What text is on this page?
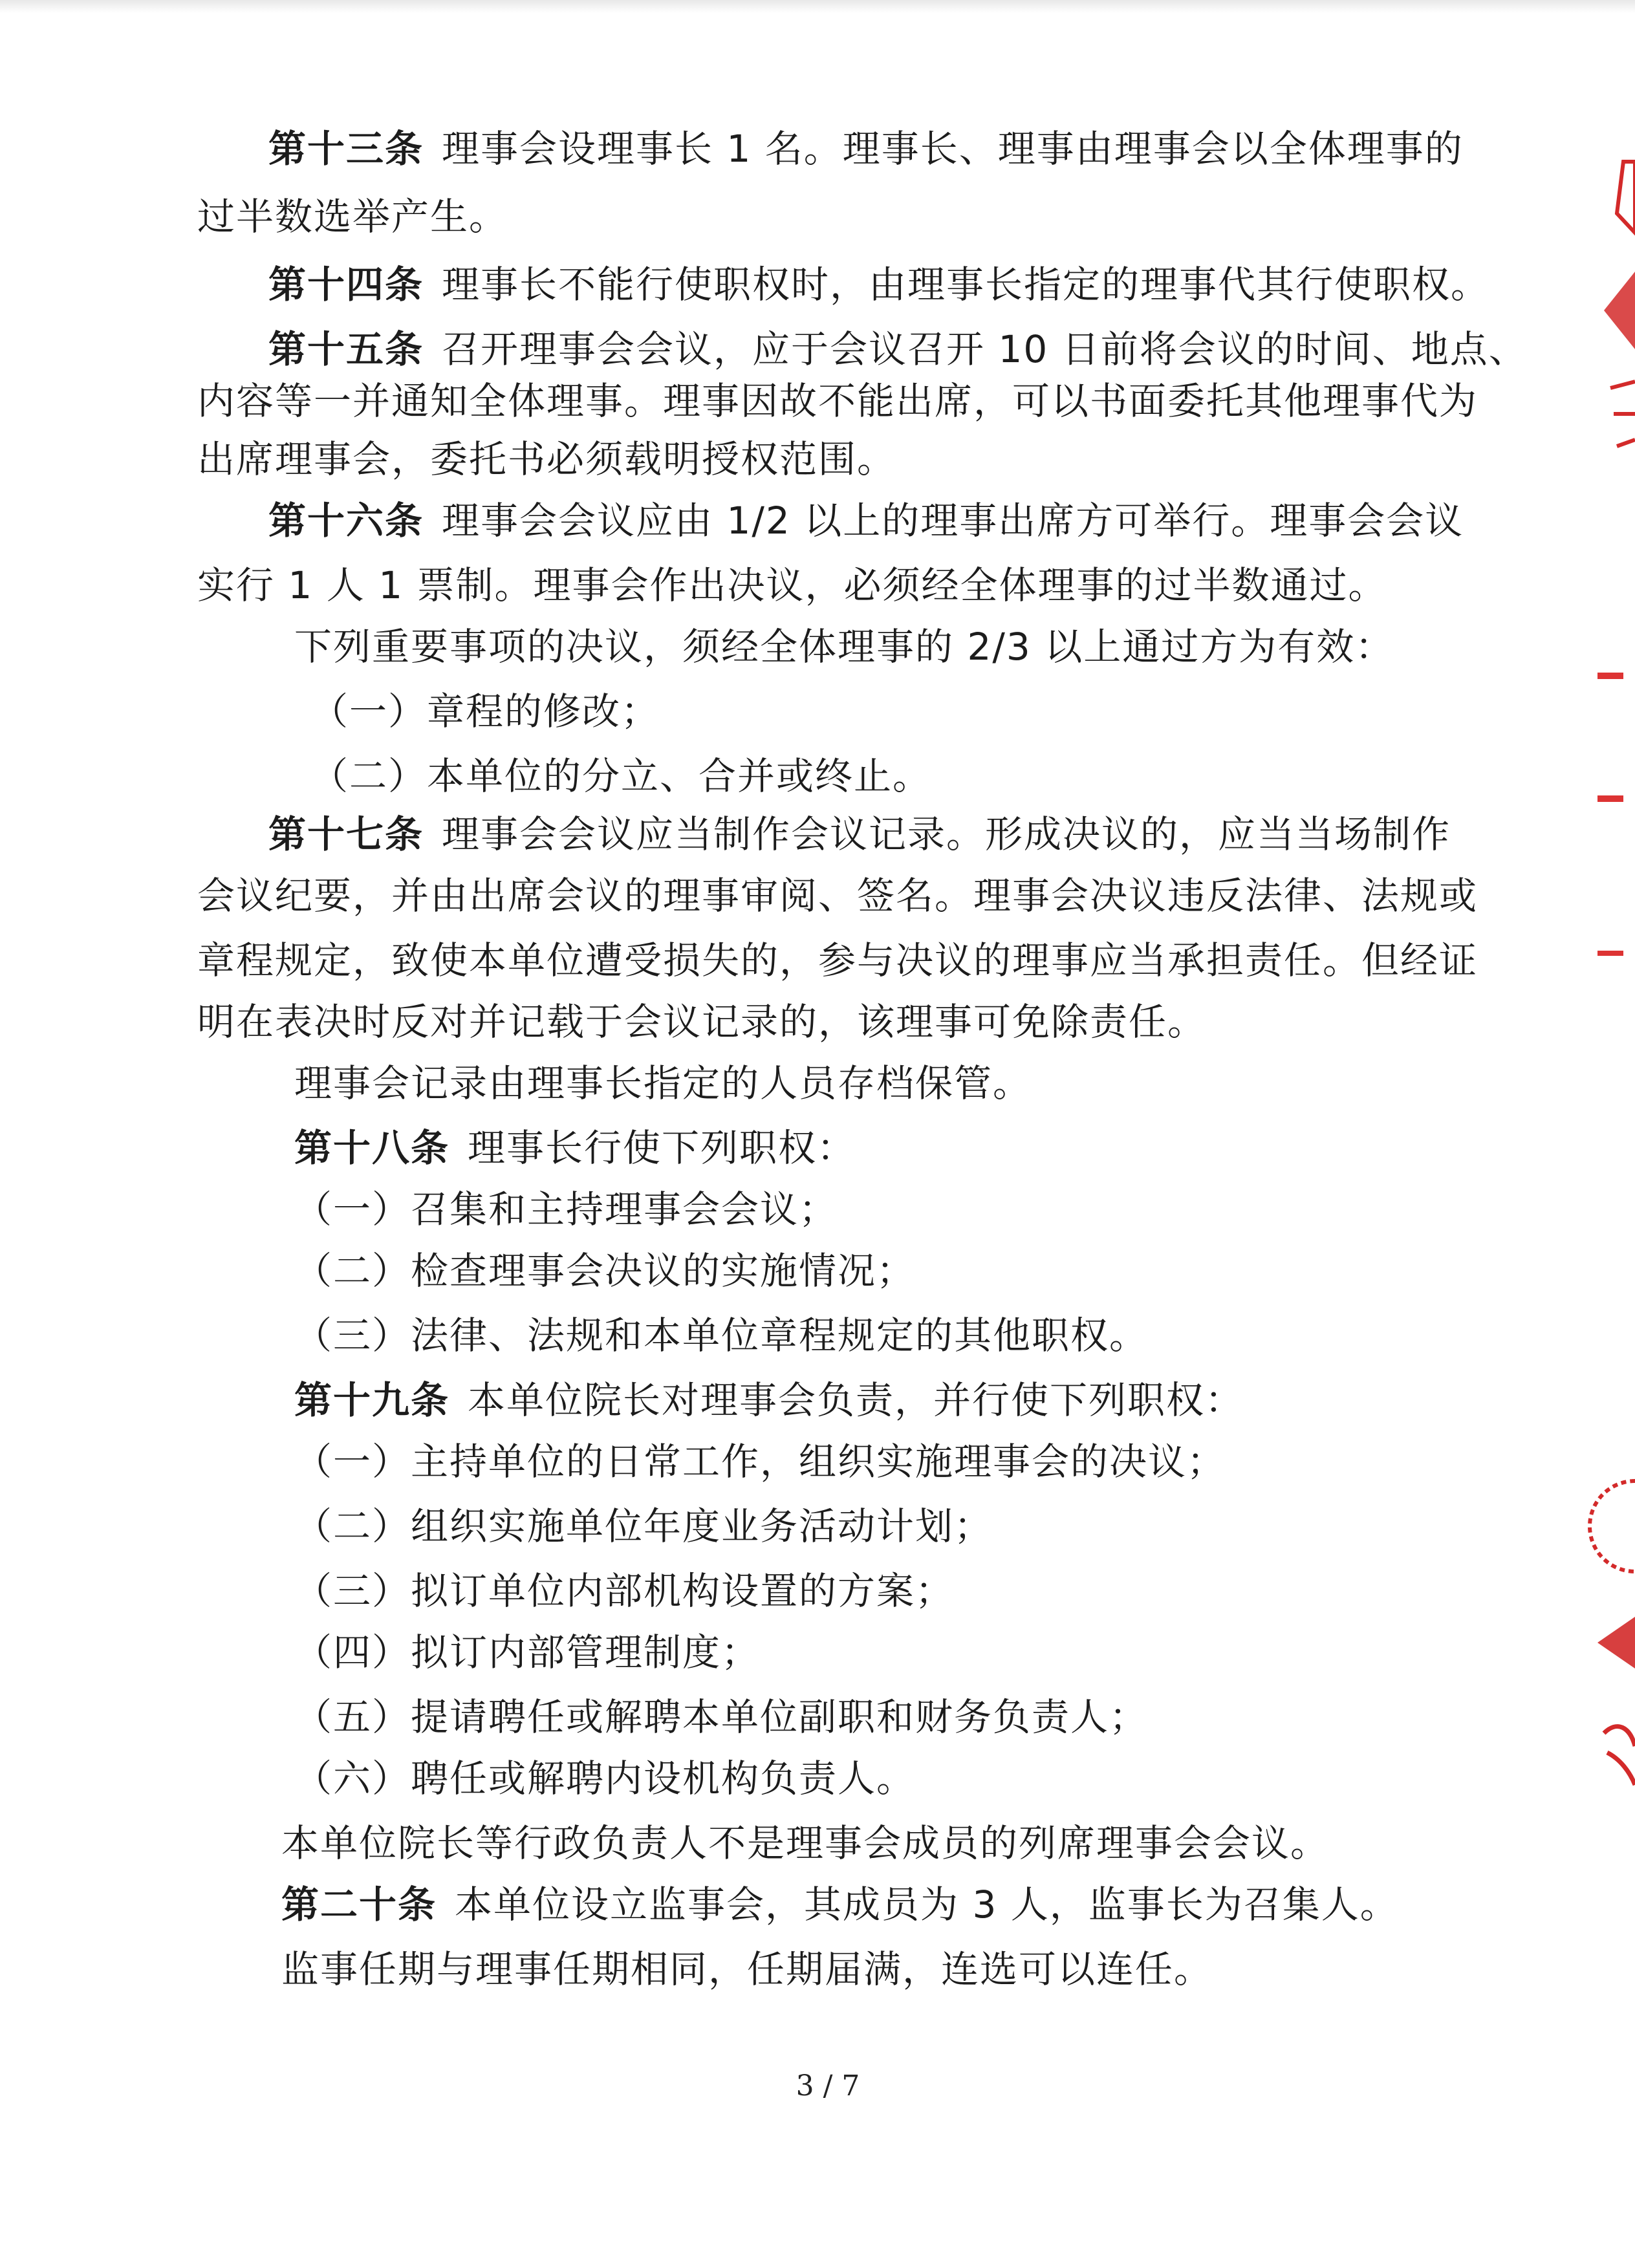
第十三条 理事会设理事长 1 名。理事长、理事由理事会以全体理事的
过半数选举产生。
第十四条 理事长不能行使职权时，由理事长指定的理事代其行使职权。
第十五条 召开理事会会议，应于会议召开 10 日前将会议的时间、地点、
内容等一并通知全体理事。理事因故不能出席，可以书面委托其他理事代为
出席理事会，委托书必须载明授权范围。
第十六条 理事会会议应由 1/2 以上的理事出席方可举行。理事会会议
实行 1 人 1 票制。理事会作出决议，必须经全体理事的过半数通过。
下列重要事项的决议，须经全体理事的 2/3 以上通过方为有效：
（一）章程的修改；
（二）本单位的分立、合并或终止。
第十七条 理事会会议应当制作会议记录。形成决议的，应当当场制作
会议纪要，并由出席会议的理事审阅、签名。理事会决议违反法律、法规或
章程规定，致使本单位遭受损失的，参与决议的理事应当承担责任。但经证
明在表决时反对并记载于会议记录的，该理事可免除责任。
理事会记录由理事长指定的人员存档保管。
第十八条 理事长行使下列职权：
（一）召集和主持理事会会议；
（二）检查理事会决议的实施情况；
（三）法律、法规和本单位章程规定的其他职权。
第十九条 本单位院长对理事会负责，并行使下列职权：
（一）主持单位的日常工作，组织实施理事会的决议；
（二）组织实施单位年度业务活动计划；
（三）拟订单位内部机构设置的方案；
（四）拟订内部管理制度；
（五）提请聘任或解聘本单位副职和财务负责人；
（六）聘任或解聘内设机构负责人。
本单位院长等行政负责人不是理事会成员的列席理事会会议。
第二十条 本单位设立监事会，其成员为 3 人，监事长为召集人。
监事任期与理事任期相同，任期届满，连选可以连任。
3 / 7
